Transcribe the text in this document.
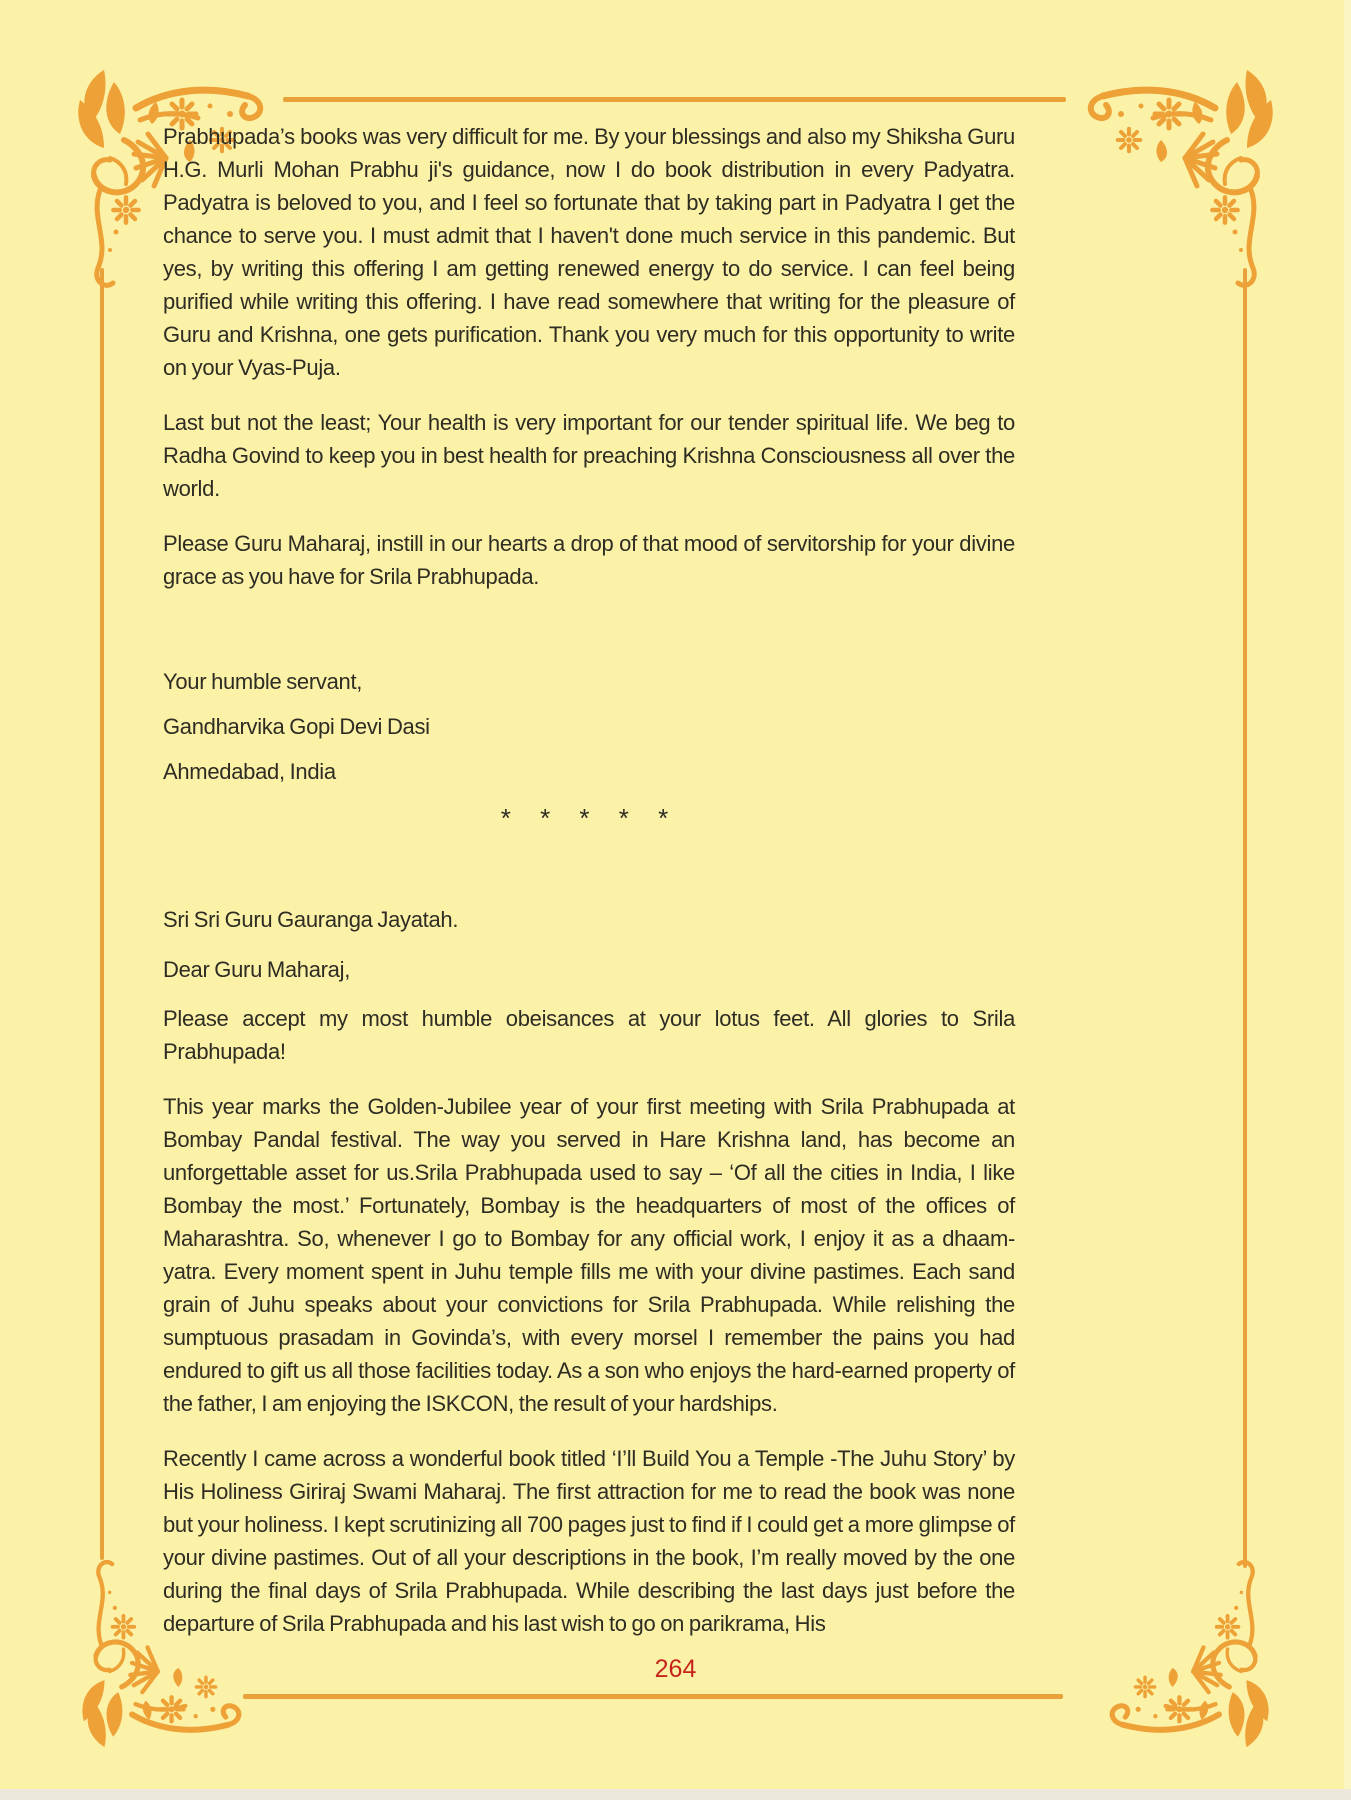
Prabhupada’s books was very difficult for me. By your blessings and also my Shiksha Guru H.G. Murli Mohan Prabhu ji's guidance, now I do book distribution in every Padyatra. Padyatra is beloved to you, and I feel so fortunate that by taking part in Padyatra I get the chance to serve you. I must admit that I haven't done much service in this pandemic. But yes, by writing this offering I am getting renewed energy to do service. I can feel being purified while writing this offering. I have read somewhere that writing for the pleasure of Guru and Krishna, one gets purification. Thank you very much for this opportunity to write on your Vyas-Puja.

Last but not the least; Your health is very important for our tender spiritual life. We beg to Radha Govind to keep you in best health for preaching Krishna Consciousness all over the world.

Please Guru Maharaj, instill in our hearts a drop of that mood of servitorship for your divine grace as you have for Srila Prabhupada.

Your humble servant,

Gandharvika Gopi Devi Dasi

Ahmedabad, India

* * * * *

Sri Sri Guru Gauranga Jayatah.

Dear Guru Maharaj,

Please accept my most humble obeisances at your lotus feet. All glories to Srila Prabhupada!

This year marks the Golden-Jubilee year of your first meeting with Srila Prabhupada at Bombay Pandal festival. The way you served in Hare Krishna land, has become an unforgettable asset for us.Srila Prabhupada used to say – ‘Of all the cities in India, I like Bombay the most.’ Fortunately, Bombay is the headquarters of most of the offices of Maharashtra. So, whenever I go to Bombay for any official work, I enjoy it as a dhaam-yatra. Every moment spent in Juhu temple fills me with your divine pastimes. Each sand grain of Juhu speaks about your convictions for Srila Prabhupada. While relishing the sumptuous prasadam in Govinda’s, with every morsel I remember the pains you had endured to gift us all those facilities today. As a son who enjoys the hard-earned property of the father, I am enjoying the ISKCON, the result of your hardships.

Recently I came across a wonderful book titled ‘I’ll Build You a Temple -The Juhu Story’ by His Holiness Giriraj Swami Maharaj. The first attraction for me to read the book was none but your holiness. I kept scrutinizing all 700 pages just to find if I could get a more glimpse of your divine pastimes. Out of all your descriptions in the book, I’m really moved by the one during the final days of Srila Prabhupada. While describing the last days just before the departure of Srila Prabhupada and his last wish to go on parikrama, His

264
